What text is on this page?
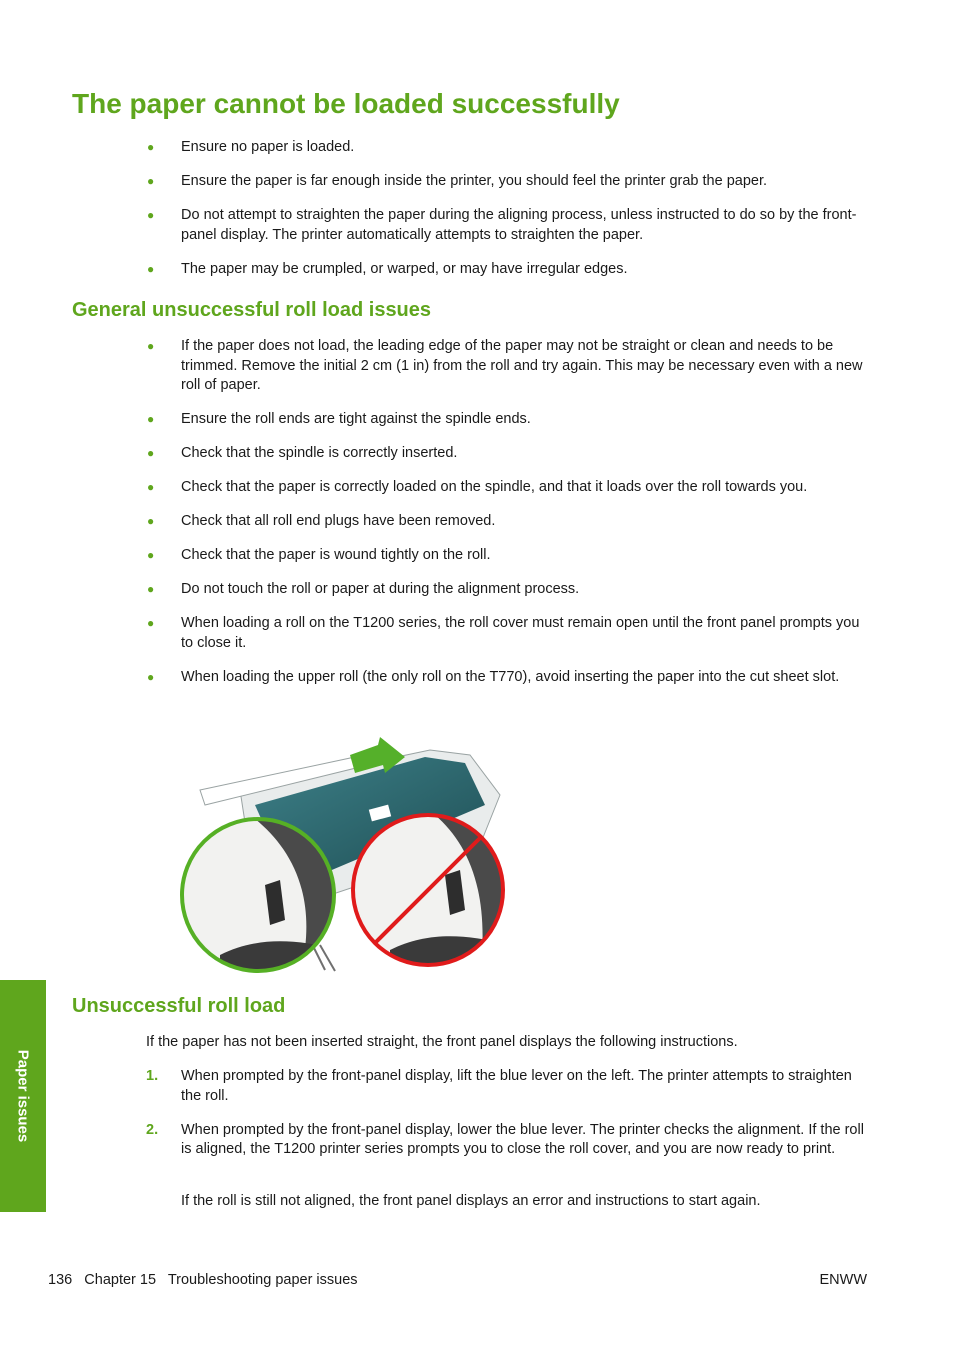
The paper cannot be loaded successfully
● Ensure no paper is loaded.
● Ensure the paper is far enough inside the printer, you should feel the printer grab the paper.
● Do not attempt to straighten the paper during the aligning process, unless instructed to do so by the front-panel display. The printer automatically attempts to straighten the paper.
● The paper may be crumpled, or warped, or may have irregular edges.
General unsuccessful roll load issues
● If the paper does not load, the leading edge of the paper may not be straight or clean and needs to be trimmed. Remove the initial 2 cm (1 in) from the roll and try again. This may be necessary even with a new roll of paper.
● Ensure the roll ends are tight against the spindle ends.
● Check that the spindle is correctly inserted.
● Check that the paper is correctly loaded on the spindle, and that it loads over the roll towards you.
● Check that all roll end plugs have been removed.
● Check that the paper is wound tightly on the roll.
● Do not touch the roll or paper at during the alignment process.
● When loading a roll on the T1200 series, the roll cover must remain open until the front panel prompts you to close it.
● When loading the upper roll (the only roll on the T770), avoid inserting the paper into the cut sheet slot.
Unsuccessful roll load

If the paper has not been inserted straight, the front panel displays the following instructions.

1. When prompted by the front-panel display, lift the blue lever on the left. The printer attempts to straighten the roll.
2. When prompted by the front-panel display, lower the blue lever. The printer checks the alignment. If the roll is aligned, the T1200 printer series prompts you to close the roll cover, and you are now ready to print.

If the roll is still not aligned, the front panel displays an error and instructions to start again.

Paper issues
136   Chapter 15   Troubleshooting paper issues	ENWW
